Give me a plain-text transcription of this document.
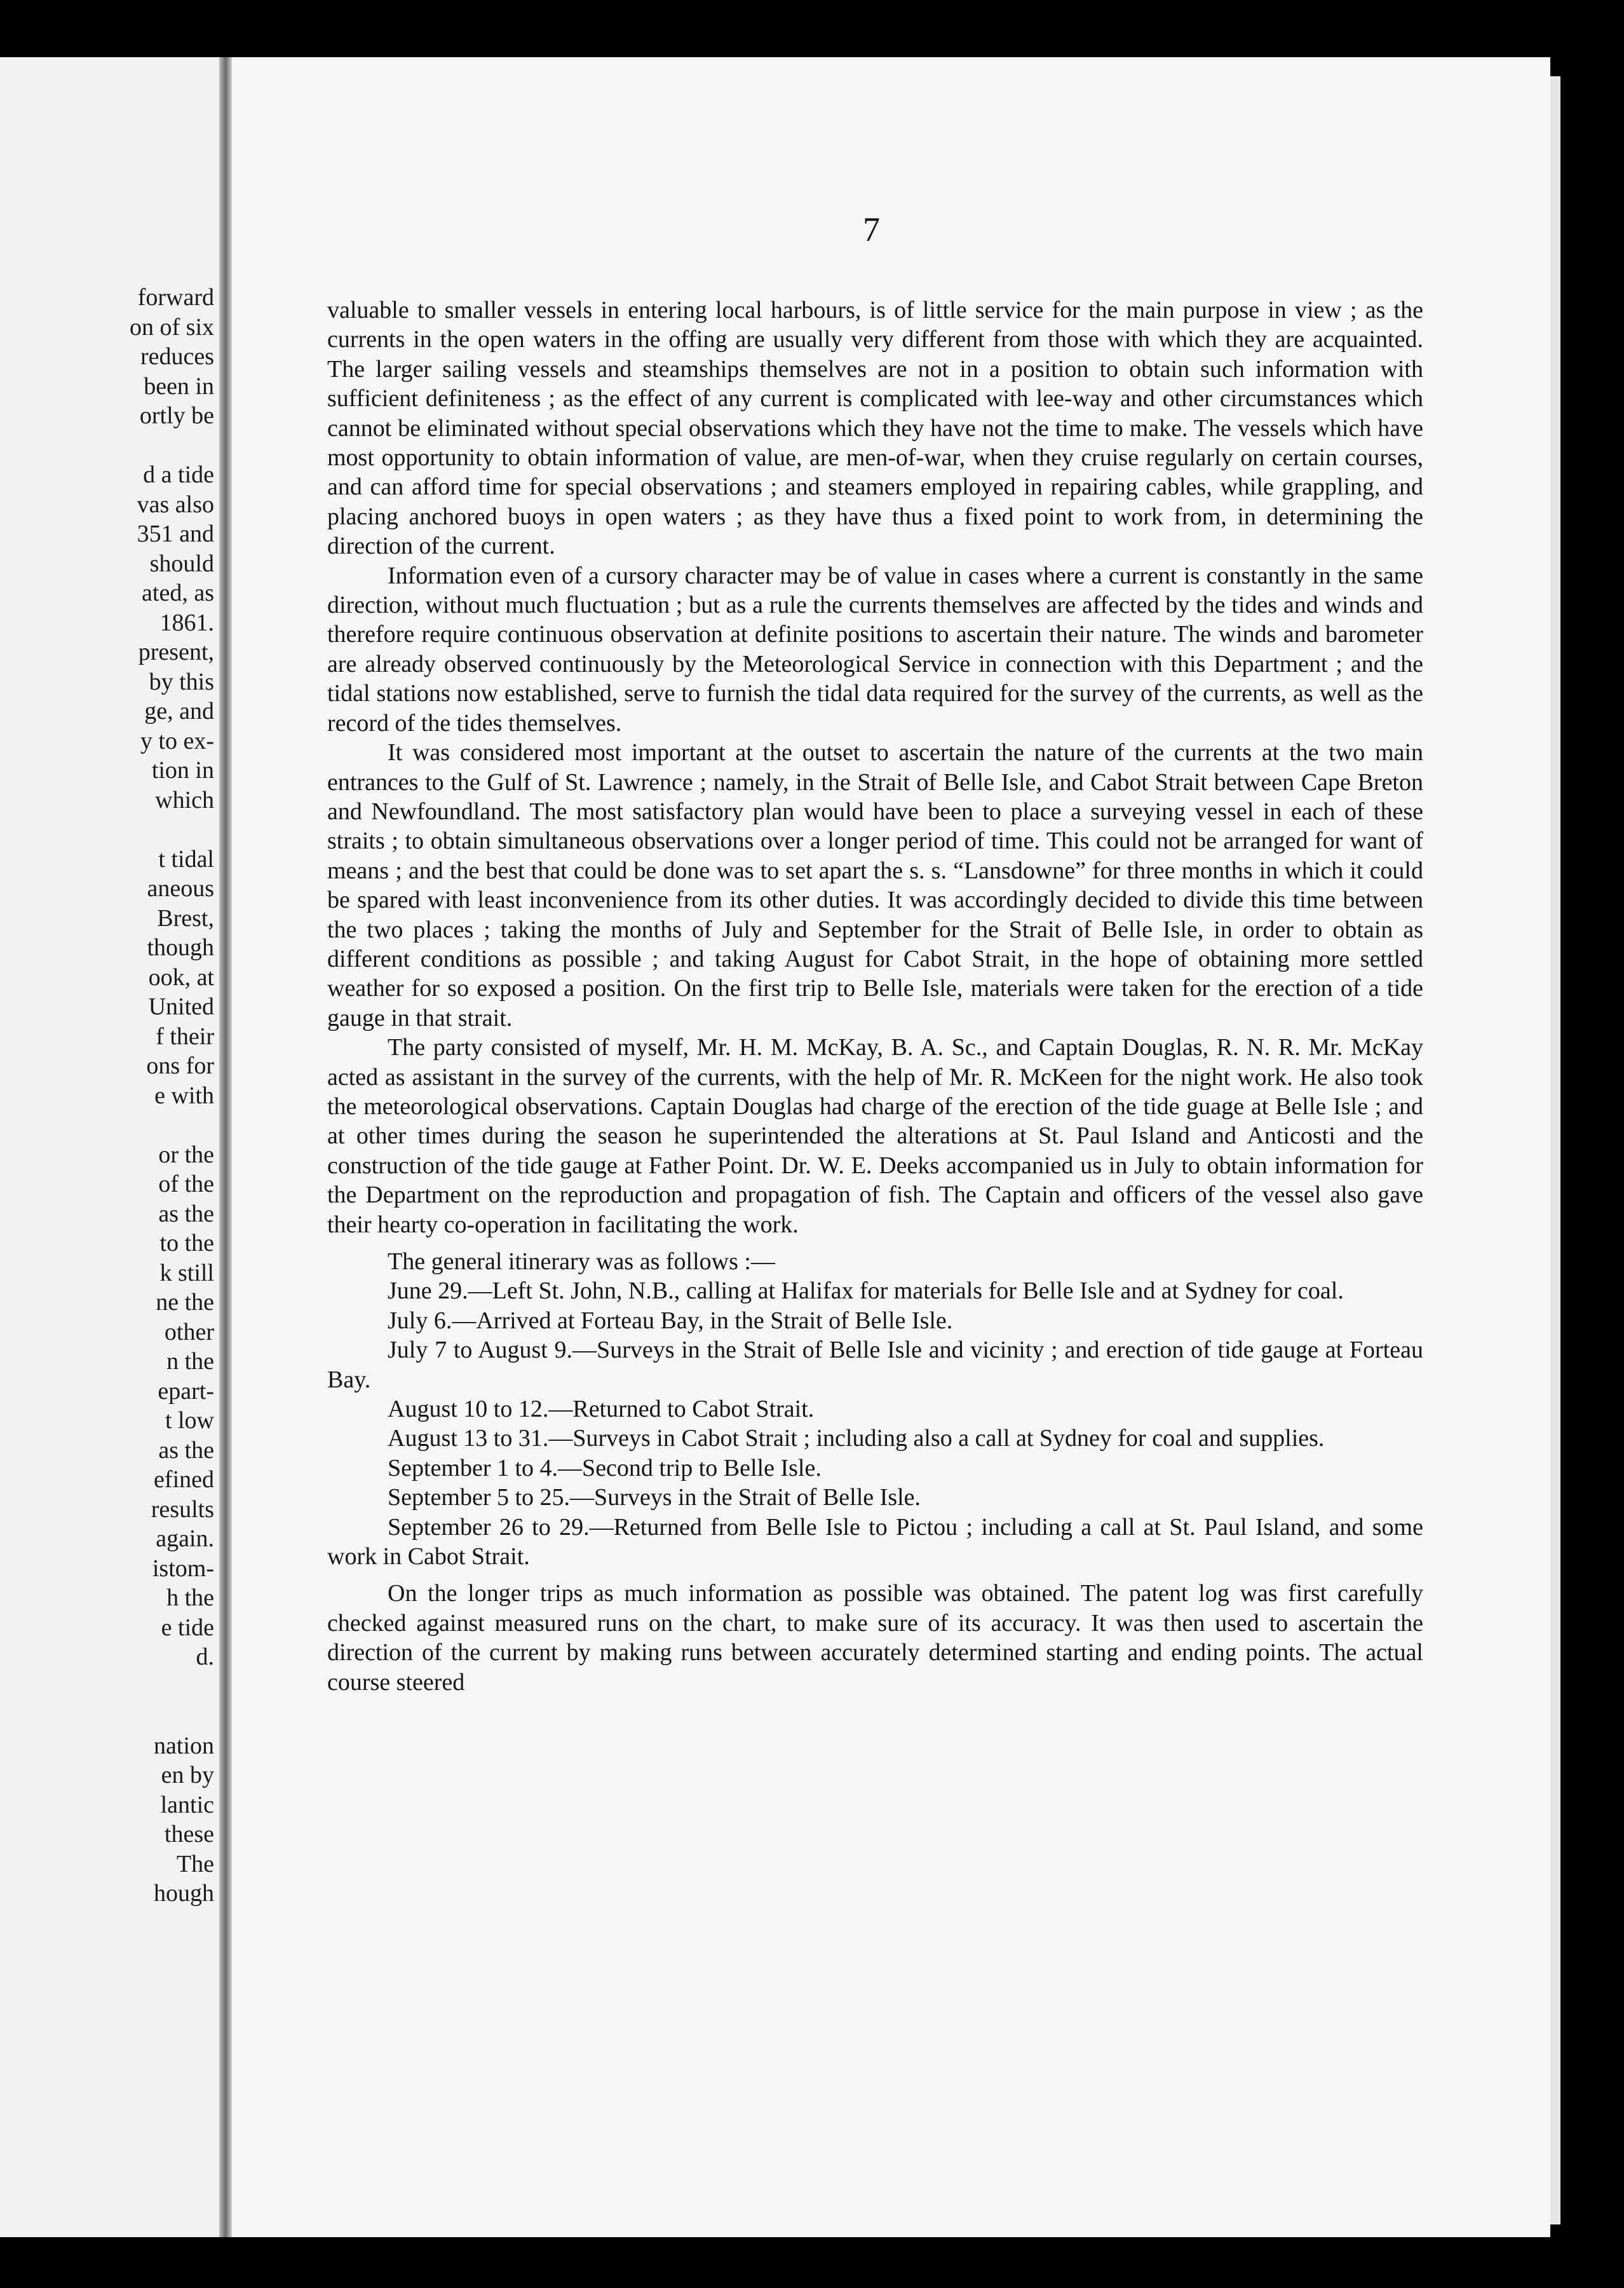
forward
on of six
reduces
been in
ortly be
d a tide
vas also
351 and
should
ated, as
1861.
present,
by this
ge, and
y to ex-
tion in
which
t tidal
aneous
Brest,
though
ook, at
United
f their
ons for
e with
or the
of the
as the
to the
k still
ne the
other
n the
epart-
t low
as the
efined
results
again.
istom-
h the
e tide
d.
nation
en by
lantic
these
The
hough
7

valuable to smaller vessels in entering local harbours, is of little service for the main purpose in view ; as the currents in the open waters in the offing are usually very different from those with which they are acquainted. The larger sailing vessels and steamships themselves are not in a position to obtain such information with sufficient definiteness ; as the effect of any current is complicated with lee-way and other circumstances which cannot be eliminated without special observations which they have not the time to make. The vessels which have most opportunity to obtain information of value, are men-of-war, when they cruise regularly on certain courses, and can afford time for special observations ; and steamers employed in repairing cables, while grappling, and placing anchored buoys in open waters ; as they have thus a fixed point to work from, in determining the direction of the current.

Information even of a cursory character may be of value in cases where a current is constantly in the same direction, without much fluctuation ; but as a rule the currents themselves are affected by the tides and winds and therefore require continuous observation at definite positions to ascertain their nature. The winds and barometer are already observed continuously by the Meteorological Service in connection with this Department ; and the tidal stations now established, serve to furnish the tidal data required for the survey of the currents, as well as the record of the tides themselves.

It was considered most important at the outset to ascertain the nature of the currents at the two main entrances to the Gulf of St. Lawrence ; namely, in the Strait of Belle Isle, and Cabot Strait between Cape Breton and Newfoundland. The most satisfactory plan would have been to place a surveying vessel in each of these straits ; to obtain simultaneous observations over a longer period of time. This could not be arranged for want of means ; and the best that could be done was to set apart the s. s. “Lansdowne” for three months in which it could be spared with least inconvenience from its other duties. It was accordingly decided to divide this time between the two places ; taking the months of July and September for the Strait of Belle Isle, in order to obtain as different conditions as possible ; and taking August for Cabot Strait, in the hope of obtaining more settled weather for so exposed a position. On the first trip to Belle Isle, materials were taken for the erection of a tide gauge in that strait.

The party consisted of myself, Mr. H. M. McKay, B. A. Sc., and Captain Douglas, R. N. R. Mr. McKay acted as assistant in the survey of the currents, with the help of Mr. R. McKeen for the night work. He also took the meteorological observations. Captain Douglas had charge of the erection of the tide guage at Belle Isle ; and at other times during the season he superintended the alterations at St. Paul Island and Anticosti and the construction of the tide gauge at Father Point. Dr. W. E. Deeks accompanied us in July to obtain information for the Department on the reproduction and propagation of fish. The Captain and officers of the vessel also gave their hearty co-operation in facilitating the work.

The general itinerary was as follows :—

June 29.—Left St. John, N.B., calling at Halifax for materials for Belle Isle and at Sydney for coal.

July 6.—Arrived at Forteau Bay, in the Strait of Belle Isle.

July 7 to August 9.—Surveys in the Strait of Belle Isle and vicinity ; and erection of tide gauge at Forteau Bay.

August 10 to 12.—Returned to Cabot Strait.

August 13 to 31.—Surveys in Cabot Strait ; including also a call at Sydney for coal and supplies.

September 1 to 4.—Second trip to Belle Isle.

September 5 to 25.—Surveys in the Strait of Belle Isle.

September 26 to 29.—Returned from Belle Isle to Pictou ; including a call at St. Paul Island, and some work in Cabot Strait.

On the longer trips as much information as possible was obtained. The patent log was first carefully checked against measured runs on the chart, to make sure of its accuracy. It was then used to ascertain the direction of the current by making runs between accurately determined starting and ending points. The actual course steered
